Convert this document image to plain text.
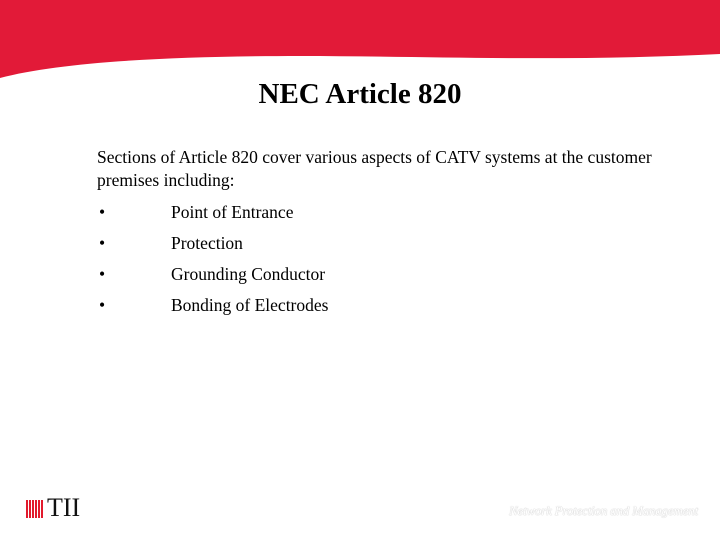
NEC Article 820

Sections of Article 820 cover various aspects of CATV systems at the customer premises including:

•	Point of Entrance
•	Protection
•	Grounding Conductor
•	Bonding of Electrodes
TII	Network Protection and Management
